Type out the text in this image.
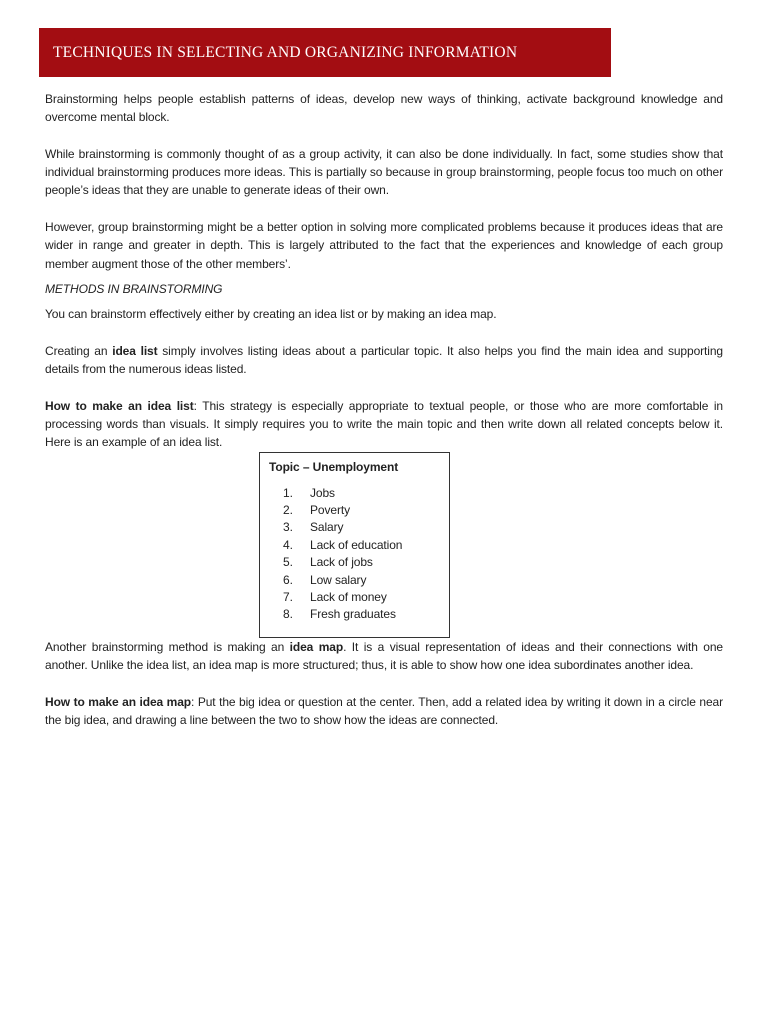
TECHNIQUES IN SELECTING AND ORGANIZING INFORMATION

Brainstorming helps people establish patterns of ideas, develop new ways of thinking, activate background knowledge and overcome mental block.

While brainstorming is commonly thought of as a group activity, it can also be done individually. In fact, some studies show that individual brainstorming produces more ideas. This is partially so because in group brainstorming, people focus too much on other people’s ideas that they are unable to generate ideas of their own.

However, group brainstorming might be a better option in solving more complicated problems because it produces ideas that are wider in range and greater in depth. This is largely attributed to the fact that the experiences and knowledge of each group member augment those of the other members’.

METHODS IN BRAINSTORMING

You can brainstorm effectively either by creating an idea list or by making an idea map.

Creating an idea list simply involves listing ideas about a particular topic. It also helps you find the main idea and supporting details from the numerous ideas listed.

How to make an idea list: This strategy is especially appropriate to textual people, or those who are more comfortable in processing words than visuals. It simply requires you to write the main topic and then write down all related concepts below it. Here is an example of an idea list.

Topic – Unemployment
1.	Jobs
2.	Poverty
3.	Salary
4.	Lack of education
5.	Lack of jobs
6.	Low salary
7.	Lack of money
8.	Fresh graduates

Another brainstorming method is making an idea map. It is a visual representation of ideas and their connections with one another. Unlike the idea list, an idea map is more structured; thus, it is able to show how one idea subordinates another idea.

How to make an idea map: Put the big idea or question at the center. Then, add a related idea by writing it down in a circle near the big idea, and drawing a line between the two to show how the ideas are connected.
